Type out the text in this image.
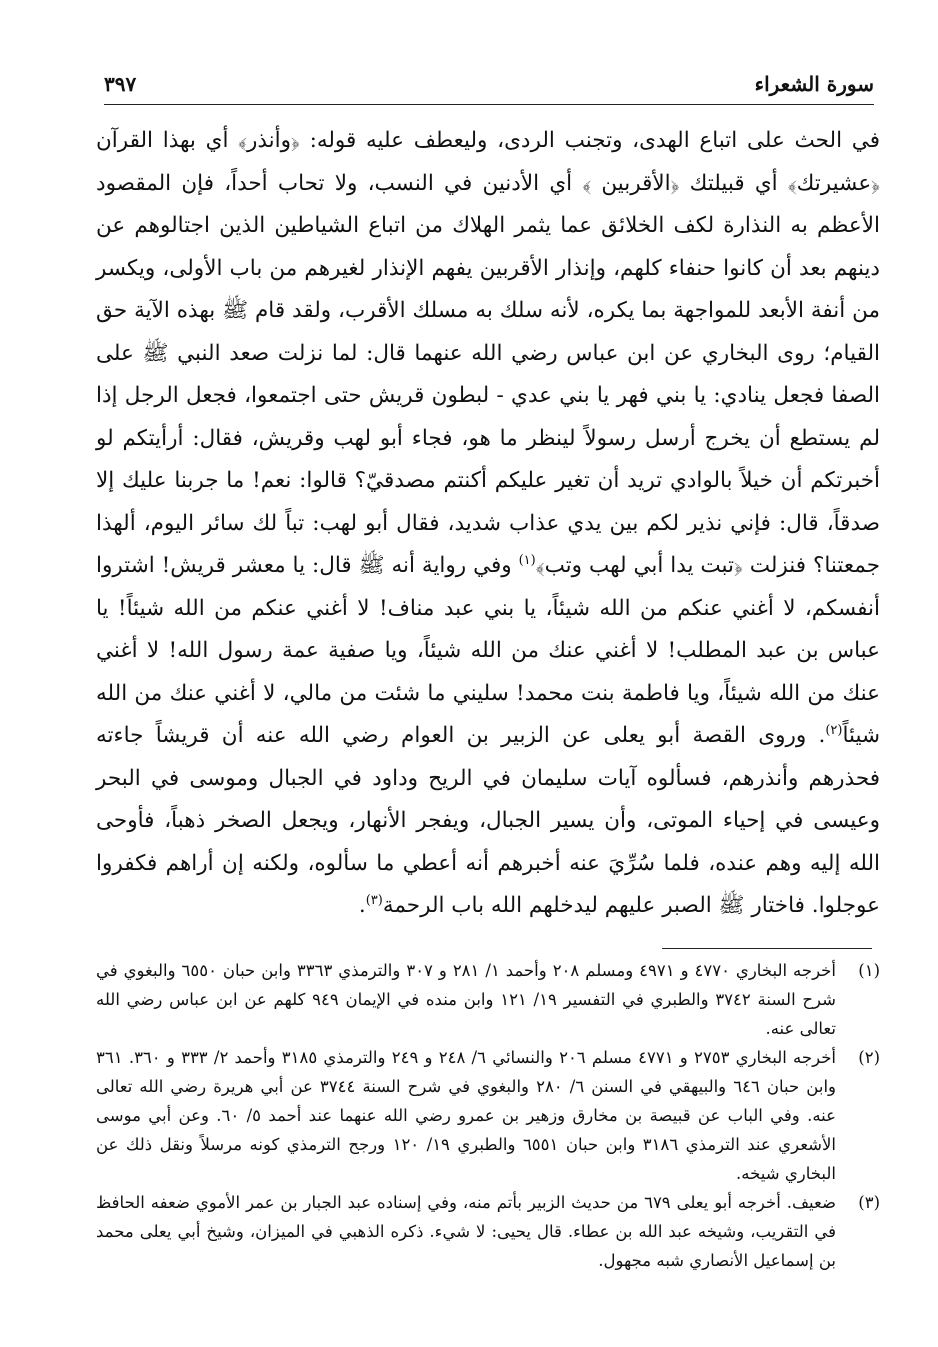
سورة الشعراء
٣٩٧

في الحث على اتباع الهدى، وتجنب الردى، وليعطف عليه قوله: ﴿وأنذر﴾ أي بهذا القرآن ﴿عشيرتك﴾ أي قبيلتك ﴿الأقربين ﴾ أي الأدنين في النسب، ولا تحاب أحداً، فإن المقصود الأعظم به النذارة لكف الخلائق عما يثمر الهلاك من اتباع الشياطين الذين اجتالوهم عن دينهم بعد أن كانوا حنفاء كلهم، وإنذار الأقربين يفهم الإنذار لغيرهم من باب الأولى، ويكسر من أنفة الأبعد للمواجهة بما يكره، لأنه سلك به مسلك الأقرب، ولقد قام ﷺ بهذه الآية حق القيام؛ روى البخاري عن ابن عباس رضي الله عنهما قال: لما نزلت صعد النبي ﷺ على الصفا فجعل ينادي: يا بني فهر يا بني عدي - لبطون قريش حتى اجتمعوا، فجعل الرجل إذا لم يستطع أن يخرج أرسل رسولاً لينظر ما هو، فجاء أبو لهب وقريش، فقال: أرأيتكم لو أخبرتكم أن خيلاً بالوادي تريد أن تغير عليكم أكنتم مصدقيّ؟ قالوا: نعم! ما جربنا عليك إلا صدقاً، قال: فإني نذير لكم بين يدي عذاب شديد، فقال أبو لهب: تباً لك سائر اليوم، ألهذا جمعتنا؟ فنزلت ﴿تبت يدا أبي لهب وتب﴾$^{(١)}$ وفي رواية أنه ﷺ قال: يا معشر قريش! اشتروا أنفسكم، لا أغني عنكم من الله شيئاً، يا بني عبد مناف! لا أغني عنكم من الله شيئاً! يا عباس بن عبد المطلب! لا أغني عنك من الله شيئاً، ويا صفية عمة رسول الله! لا أغني عنك من الله شيئاً، ويا فاطمة بنت محمد! سليني ما شئت من مالي، لا أغني عنك من الله شيئاً$^{(٢)}$. وروى القصة أبو يعلى عن الزبير بن العوام رضي الله عنه أن قريشاً جاءته فحذرهم وأنذرهم، فسألوه آيات سليمان في الريح وداود في الجبال وموسى في البحر وعيسى في إحياء الموتى، وأن يسير الجبال، ويفجر الأنهار، ويجعل الصخر ذهباً، فأوحى الله إليه وهم عنده، فلما سُرِّيَ عنه أخبرهم أنه أعطي ما سألوه، ولكنه إن أراهم فكفروا عوجلوا. فاختار ﷺ الصبر عليهم ليدخلهم الله باب الرحمة$^{(٣)}$.

(١)
أخرجه البخاري ٤٧٧٠ و ٤٩٧١ ومسلم ٢٠٨ وأحمد ١/ ٢٨١ و ٣٠٧ والترمذي ٣٣٦٣ وابن حبان ٦٥٥٠ والبغوي في شرح السنة ٣٧٤٢ والطبري في التفسير ١٩/ ١٢١ وابن منده في الإيمان ٩٤٩ كلهم عن ابن عباس رضي الله تعالى عنه.
(٢)
أخرجه البخاري ٢٧٥٣ و ٤٧٧١ مسلم ٢٠٦ والنسائي ٦/ ٢٤٨ و ٢٤٩ والترمذي ٣١٨٥ وأحمد ٢/ ٣٣٣ و ٣٦٠. ٣٦١ وابن حبان ٦٤٦ والبيهقي في السنن ٦/ ٢٨٠ والبغوي في شرح السنة ٣٧٤٤ عن أبي هريرة رضي الله تعالى عنه. وفي الباب عن قبيصة بن مخارق وزهير بن عمرو رضي الله عنهما عند أحمد ٥/ ٦٠. وعن أبي موسى الأشعري عند الترمذي ٣١٨٦ وابن حبان ٦٥٥١ والطبري ١٩/ ١٢٠ ورجح الترمذي كونه مرسلاً ونقل ذلك عن البخاري شيخه.
(٣)
ضعيف. أخرجه أبو يعلى ٦٧٩ من حديث الزبير بأتم منه، وفي إسناده عبد الجبار بن عمر الأموي ضعفه الحافظ في التقريب، وشيخه عبد الله بن عطاء. قال يحيى: لا شيء. ذكره الذهبي في الميزان، وشيخ أبي يعلى محمد بن إسماعيل الأنصاري شبه مجهول.
